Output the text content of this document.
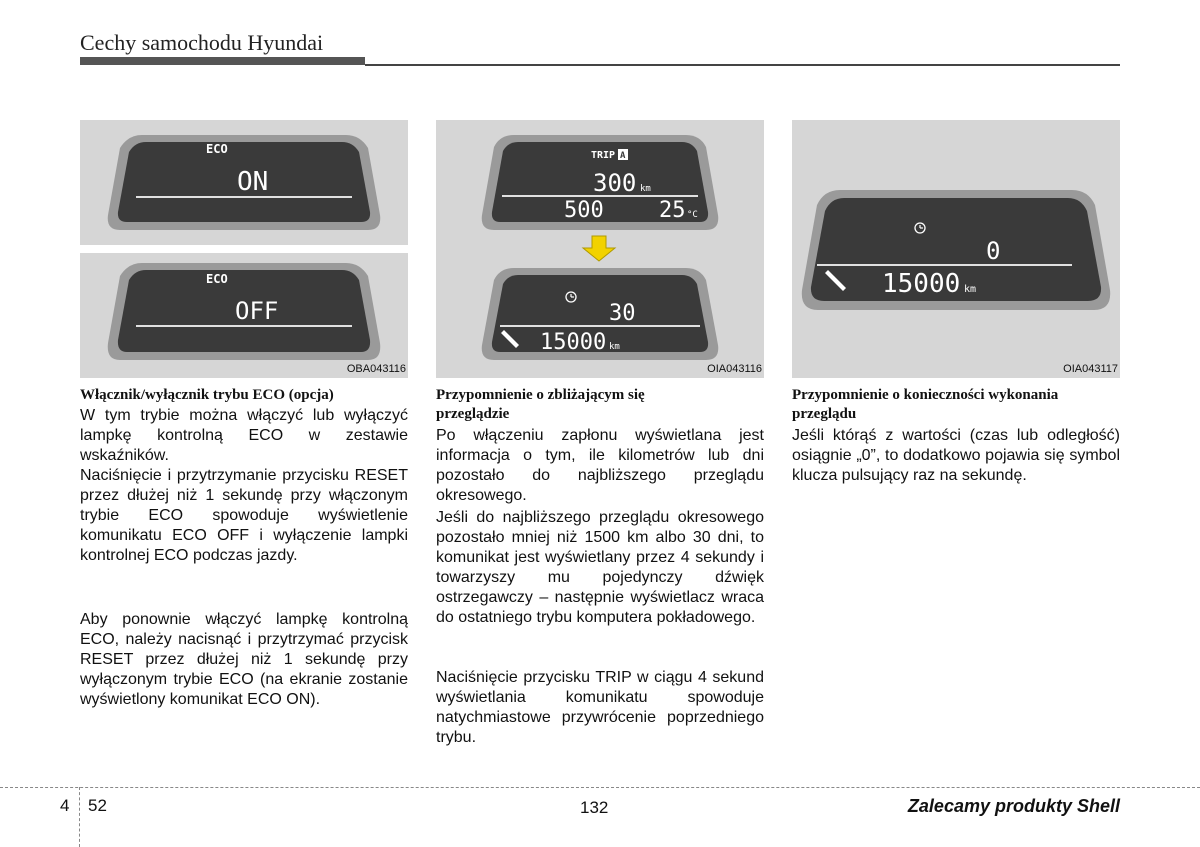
Cechy samochodu Hyundai
ECO
ON
ECO
OFF
OBA043116
TRIP A
300 km
500	25 °C
30
15000 km
OIA043116
0
15000 km
OIA043117
Włącznik/wyłącznik trybu ECO (opcja)

W tym trybie można włączyć lub wyłączyć lampkę kontrolną ECO w zestawie wskaźników.

Naciśnięcie i przytrzymanie przycisku RESET przez dłużej niż 1 sekundę przy włączonym trybie ECO spowoduje wyświetlenie komunikatu ECO OFF i wyłączenie lampki kontrolnej ECO podczas jazdy.

Aby ponownie włączyć lampkę kontrolną ECO, należy nacisnąć i przytrzymać przycisk RESET przez dłużej niż 1 sekundę przy wyłączonym trybie ECO (na ekranie zostanie wyświetlony komunikat ECO ON).

Przypomnienie o zbliżającym się
przeglądzie

Po włączeniu zapłonu wyświetlana jest informacja o tym, ile kilometrów lub dni pozostało do najbliższego przeglądu okresowego.

Jeśli do najbliższego przeglądu okresowego pozostało mniej niż 1500 km albo 30 dni, to komunikat jest wyświetlany przez 4 sekundy i towarzyszy mu pojedynczy dźwięk ostrzegawczy – następnie wyświetlacz wraca do ostatniego trybu komputera pokładowego.

Naciśnięcie przycisku TRIP w ciągu 4 sekund wyświetlania komunikatu spowoduje natychmiastowe przywrócenie poprzedniego trybu.

Przypomnienie o konieczności wykonania
przeglądu

Jeśli którąś z wartości (czas lub odległość) osiągnie „0”, to dodatkowo pojawia się symbol klucza pulsujący raz na sekundę.

4 52	132	Zalecamy produkty Shell
